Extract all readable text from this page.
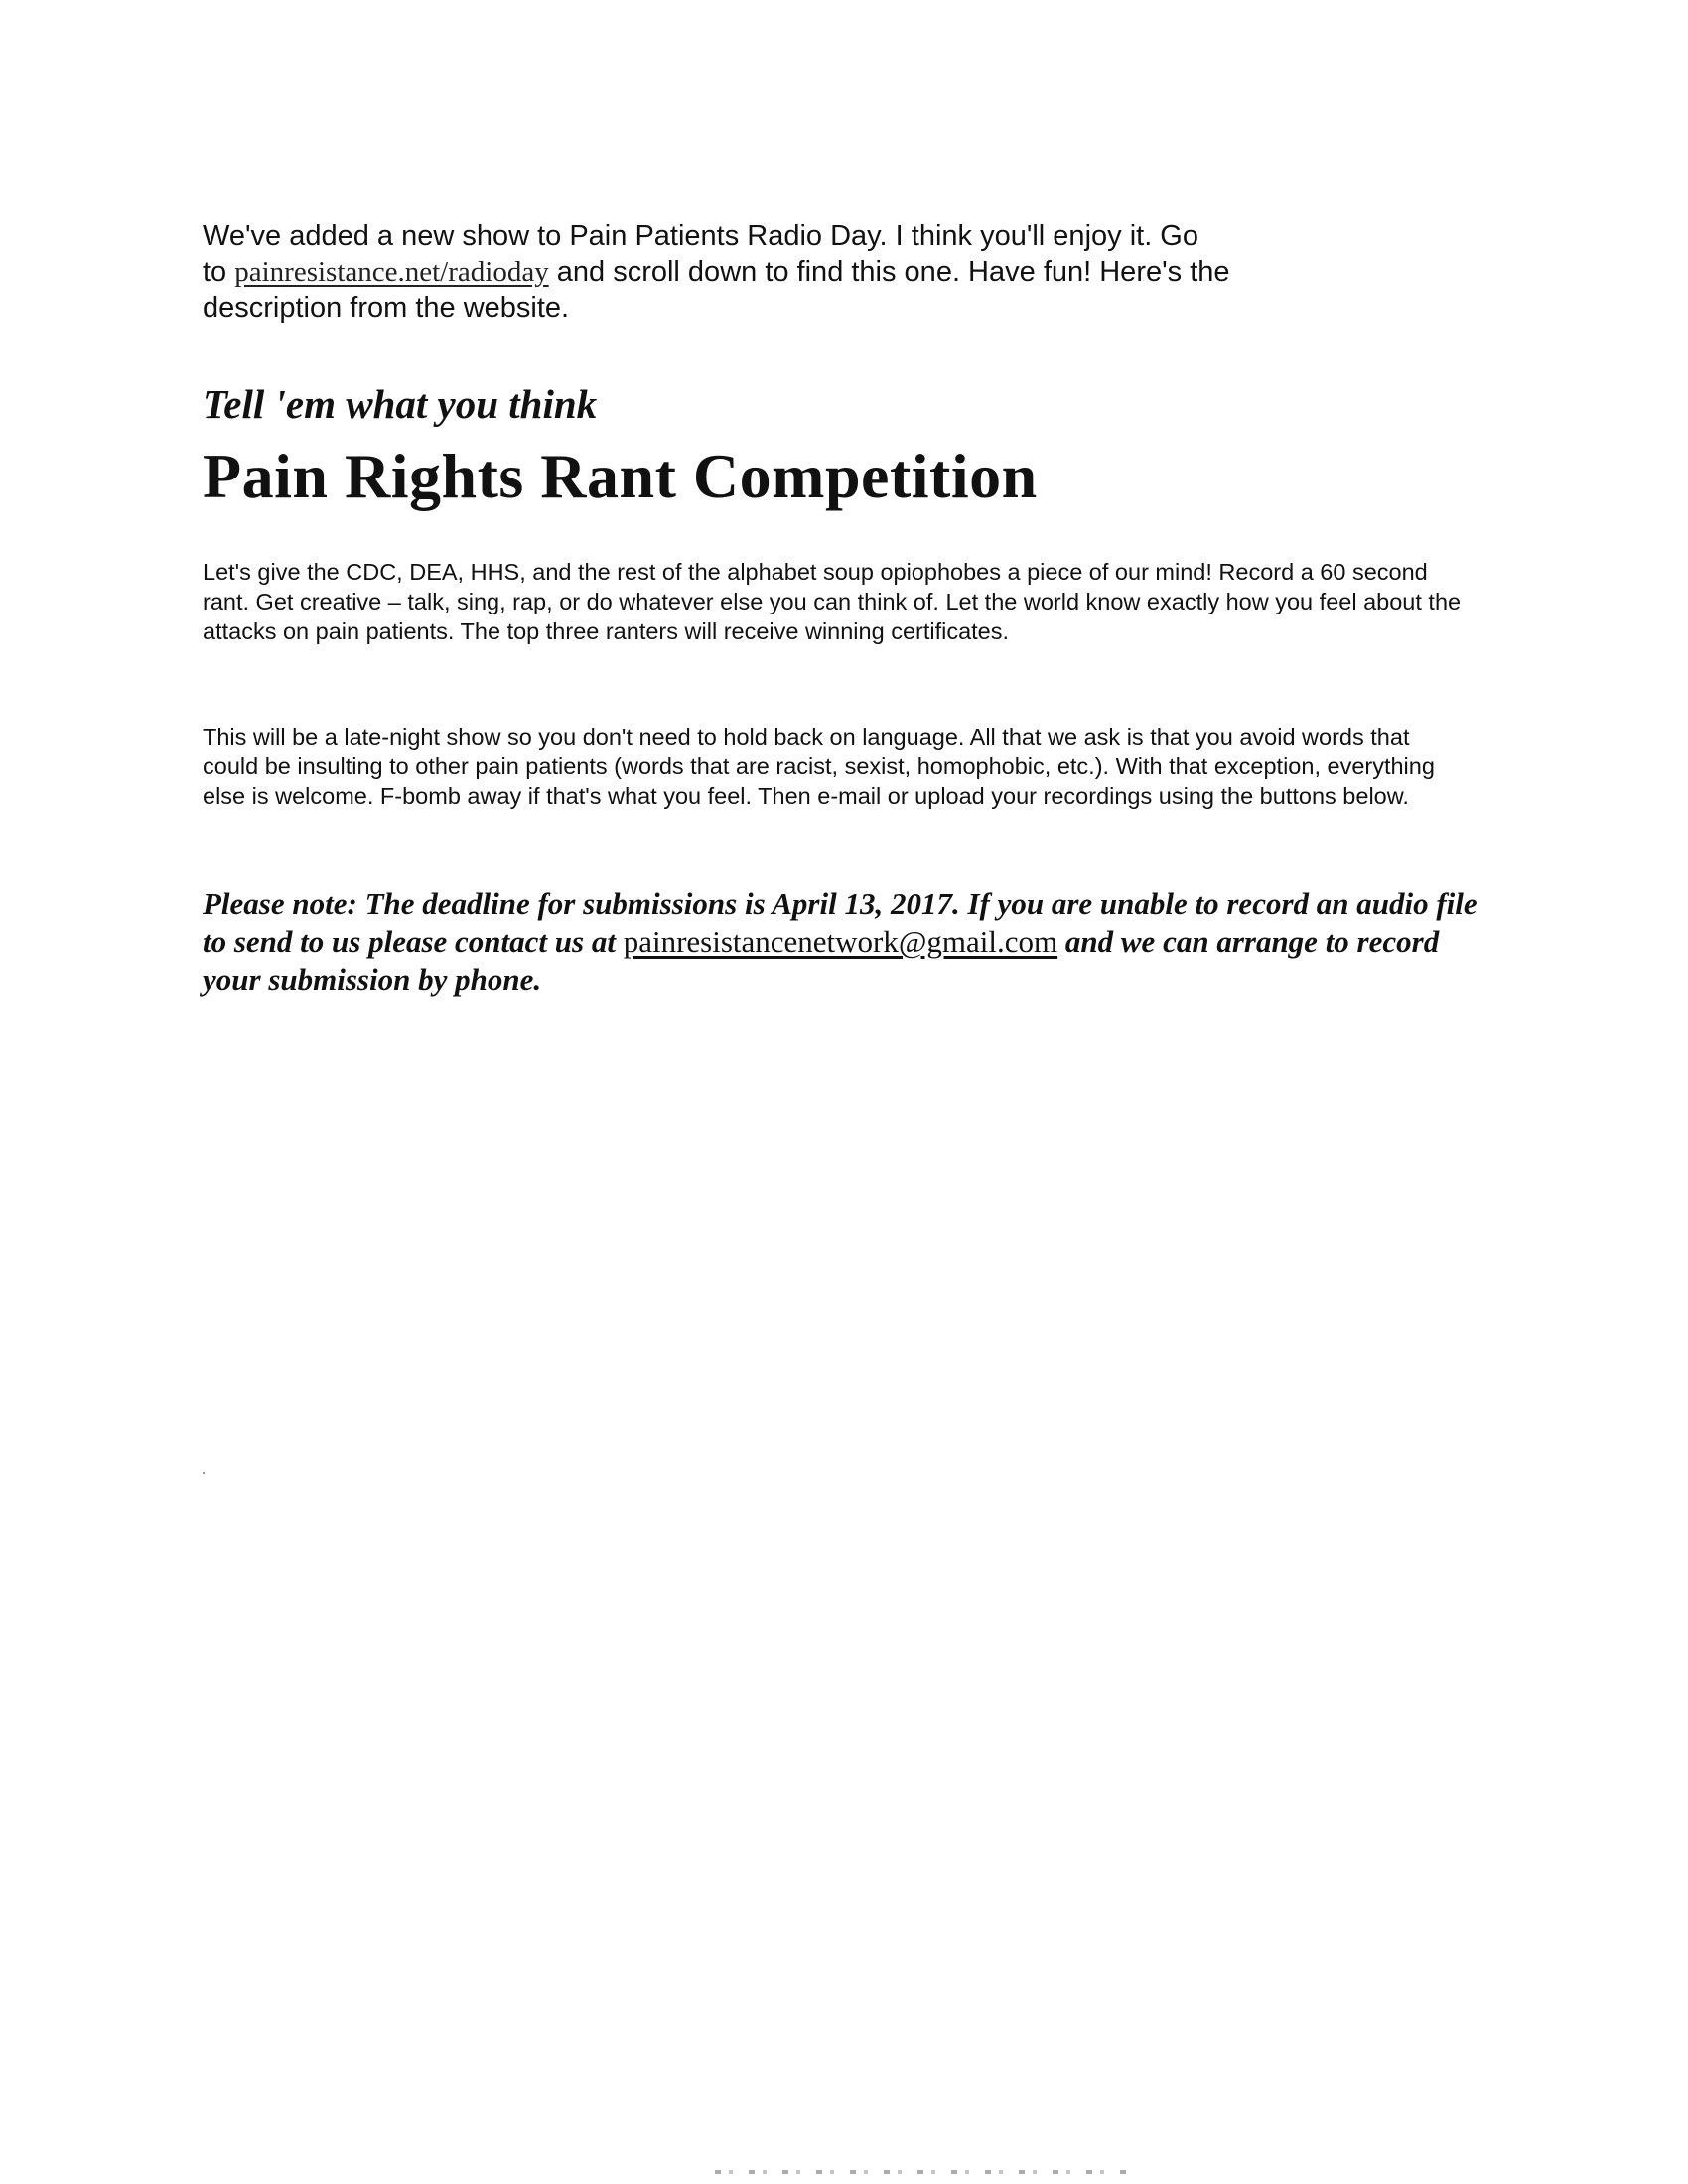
We've added a new show to Pain Patients Radio Day. I think you'll enjoy it. Go
to painresistance.net/radioday and scroll down to find this one. Have fun! Here's the
description from the website.
Tell 'em what you think
Pain Rights Rant Competition
Let's give the CDC, DEA, HHS, and the rest of the alphabet soup opiophobes a piece of our mind! Record a 60 second rant. Get creative – talk, sing, rap, or do whatever else you can think of. Let the world know exactly how you feel about the attacks on pain patients. The top three ranters will receive winning certificates.
This will be a late-night show so you don't need to hold back on language. All that we ask is that you avoid words that could be insulting to other pain patients (words that are racist, sexist, homophobic, etc.). With that exception, everything else is welcome. F-bomb away if that's what you feel. Then e-mail or upload your recordings using the buttons below.
Please note: The deadline for submissions is April 13, 2017. If you are unable to record an audio file to send to us please contact us at painresistancenetwork@gmail.com and we can arrange to record your submission by phone.
